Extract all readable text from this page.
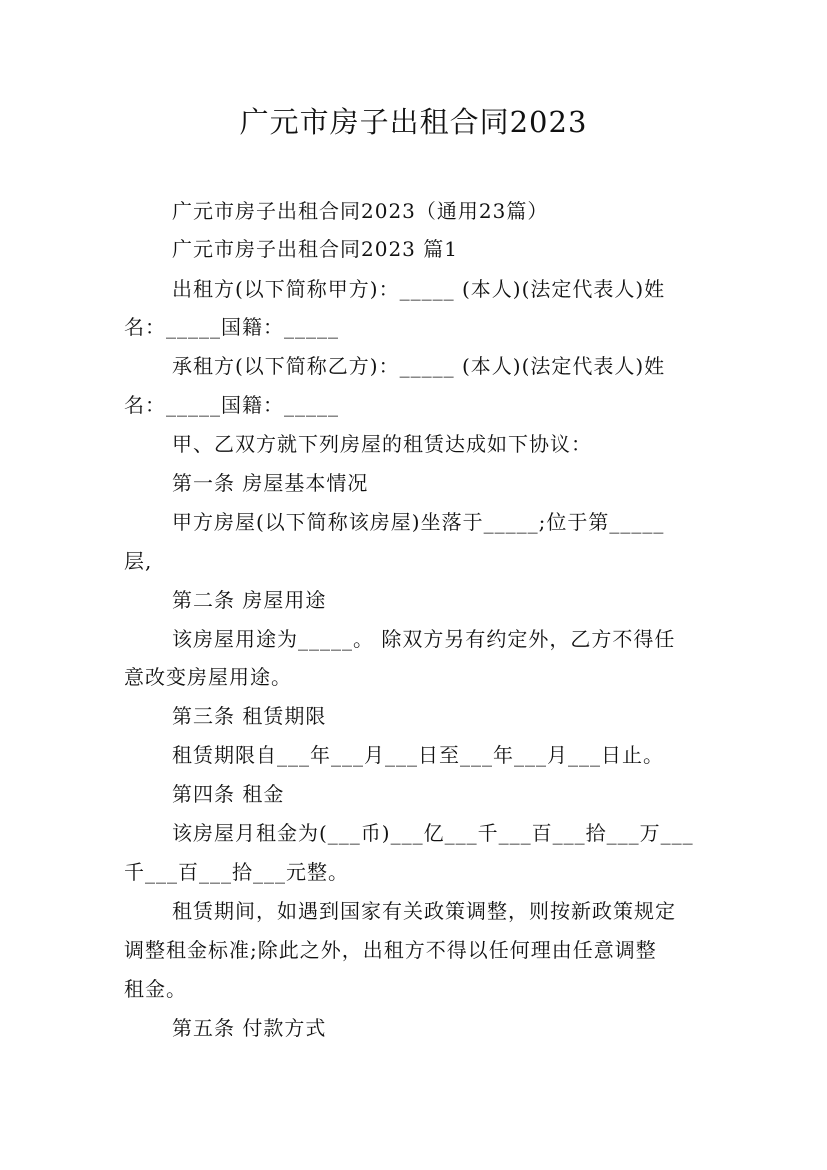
广元市房子出租合同2023
广元市房子出租合同2023（通用23篇）
广元市房子出租合同2023 篇1
出租方(以下简称甲方)：_____ (本人)(法定代表人)姓
名：_____国籍：_____
承租方(以下简称乙方)：_____ (本人)(法定代表人)姓
名：_____国籍：_____
甲、乙双方就下列房屋的租赁达成如下协议：
第一条 房屋基本情况
甲方房屋(以下简称该房屋)坐落于_____;位于第_____
层,
第二条 房屋用途
该房屋用途为_____。 除双方另有约定外，乙方不得任
意改变房屋用途。
第三条 租赁期限
租赁期限自___年___月___日至___年___月___日止。
第四条 租金
该房屋月租金为(___币)___亿___千___百___拾___万___
千___百___拾___元整。
租赁期间，如遇到国家有关政策调整，则按新政策规定
调整租金标准;除此之外，出租方不得以任何理由任意调整
租金。
第五条 付款方式
